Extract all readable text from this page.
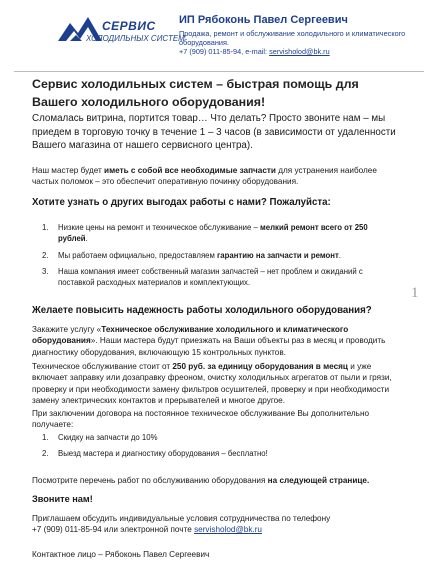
СЕРВИС
ХОЛОДИЛЬНЫХ СИСТЕМ
ИП Рябоконь Павел Сергеевич
Продажа, ремонт и обслуживание холодильного и климатического оборудования.
+7 (909) 011-85-94, e-mail: servisholod@bk.ru
Сервис холодильных систем – быстрая помощь для Вашего холодильного оборудования!
Сломалась витрина, портится товар… Что делать? Просто звоните нам – мы приедем в торговую точку в течение 1 – 3 часов (в зависимости от удаленности Вашего магазина от нашего сервисного центра).
Наш мастер будет иметь с собой все необходимые запчасти для устранения наиболее частых поломок – это обеспечит оперативную починку оборудования.
Хотите узнать о других выгодах работы с нами? Пожалуйста:
1. Низкие цены на ремонт и техническое обслуживание – мелкий ремонт всего от 250 рублей.
2. Мы работаем официально, предоставляем гарантию на запчасти и ремонт.
3. Наша компания имеет собственный магазин запчастей – нет проблем и ожиданий с поставкой расходных материалов и комплектующих.
1
Желаете повысить надежность работы холодильного оборудования?
Закажите услугу «Техническое обслуживание холодильного и климатического оборудования». Наши мастера будут приезжать на Ваши объекты раз в месяц и проводить диагностику оборудования, включающую 15 контрольных пунктов.
Техническое обслуживание стоит от 250 руб. за единицу оборудования в месяц и уже включает заправку или дозаправку фреоном, очистку холодильных агрегатов от пыли и грязи, проверку и при необходимости замену фильтров осушителей, проверку и при необходимости замену электрических контактов и прерывателей и многое другое.
При заключении договора на постоянное техническое обслуживание Вы дополнительно получаете:
1. Скидку на запчасти до 10%
2. Выезд мастера и диагностику оборудования – бесплатно!
Посмотрите перечень работ по обслуживанию оборудования на следующей странице.
Звоните нам!
Приглашаем обсудить индивидуальные условия сотрудничества по телефону
+7 (909) 011-85-94 или электронной почте servisholod@bk.ru
Контактное лицо – Рябоконь Павел Сергеевич
